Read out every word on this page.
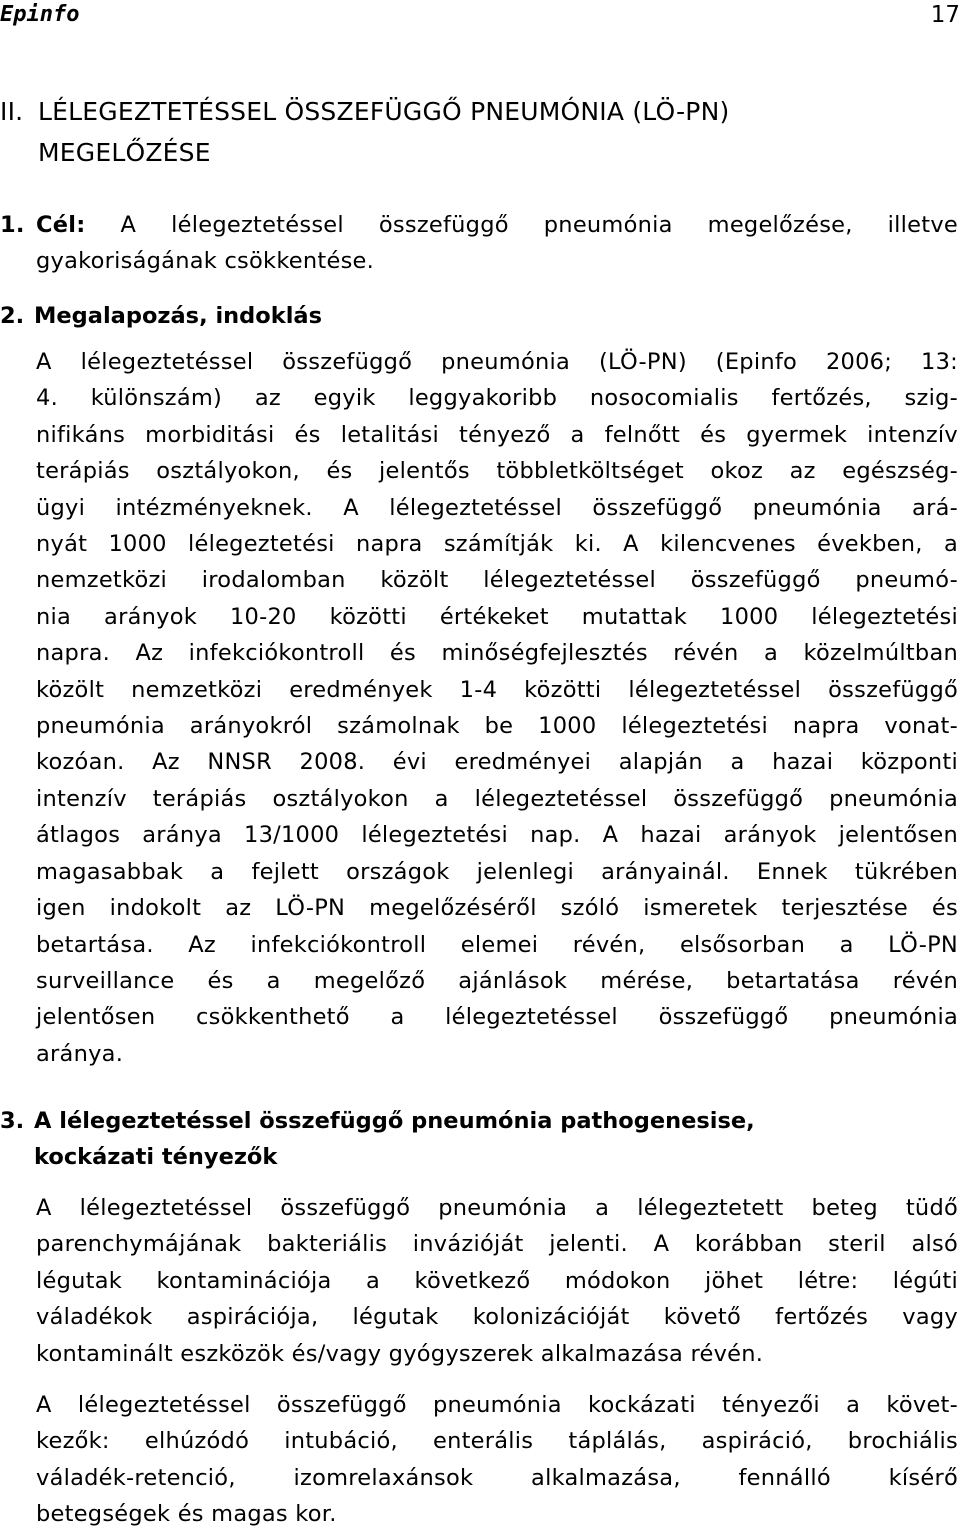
Epinfo	17
II. LÉLEGEZTETÉSSEL ÖSSZEFÜGGŐ PNEUMÓNIA (LÖ-PN)
MEGELŐZÉSE
1. Cél: A lélegeztetéssel összefüggő pneumónia megelőzése, illetve
gyakoriságának csökkentése.
2. Megalapozás, indoklás
A lélegeztetéssel összefüggő pneumónia (LÖ-PN) (Epinfo 2006; 13:
4. különszám) az egyik leggyakoribb nosocomialis fertőzés, szig-
nifikáns morbiditási és letalitási tényező a felnőtt és gyermek intenzív
terápiás osztályokon, és jelentős többletköltséget okoz az egészség-
ügyi intézményeknek. A lélegeztetéssel összefüggő pneumónia ará-
nyát 1000 lélegeztetési napra számítják ki. A kilencvenes években, a
nemzetközi irodalomban közölt lélegeztetéssel összefüggő pneumó-
nia arányok 10-20 közötti értékeket mutattak 1000 lélegeztetési
napra. Az infekciókontroll és minőségfejlesztés révén a közelmúltban
közölt nemzetközi eredmények 1-4 közötti lélegeztetéssel összefüggő
pneumónia arányokról számolnak be 1000 lélegeztetési napra vonat-
kozóan. Az NNSR 2008. évi eredményei alapján a hazai központi
intenzív terápiás osztályokon a lélegeztetéssel összefüggő pneumónia
átlagos aránya 13/1000 lélegeztetési nap. A hazai arányok jelentősen
magasabbak a fejlett országok jelenlegi arányainál. Ennek tükrében
igen indokolt az LÖ-PN megelőzéséről szóló ismeretek terjesztése és
betartása. Az infekciókontroll elemei révén, elsősorban a LÖ-PN
surveillance és a megelőző ajánlások mérése, betartatása révén
jelentősen csökkenthető a lélegeztetéssel összefüggő pneumónia
aránya.
3. A lélegeztetéssel összefüggő pneumónia pathogenesise,
kockázati tényezők
A lélegeztetéssel összefüggő pneumónia a lélegeztetett beteg tüdő
parenchymájának bakteriális invázióját jelenti. A korábban steril alsó
légutak kontaminációja a következő módokon jöhet létre: légúti
váladékok aspirációja, légutak kolonizációját követő fertőzés vagy
kontaminált eszközök és/vagy gyógyszerek alkalmazása révén.
A lélegeztetéssel összefüggő pneumónia kockázati tényezői a követ-
kezők: elhúzódó intubáció, enterális táplálás, aspiráció, brochiális
váladék-retenció, izomrelaxánsok alkalmazása, fennálló kísérő
betegségek és magas kor.
